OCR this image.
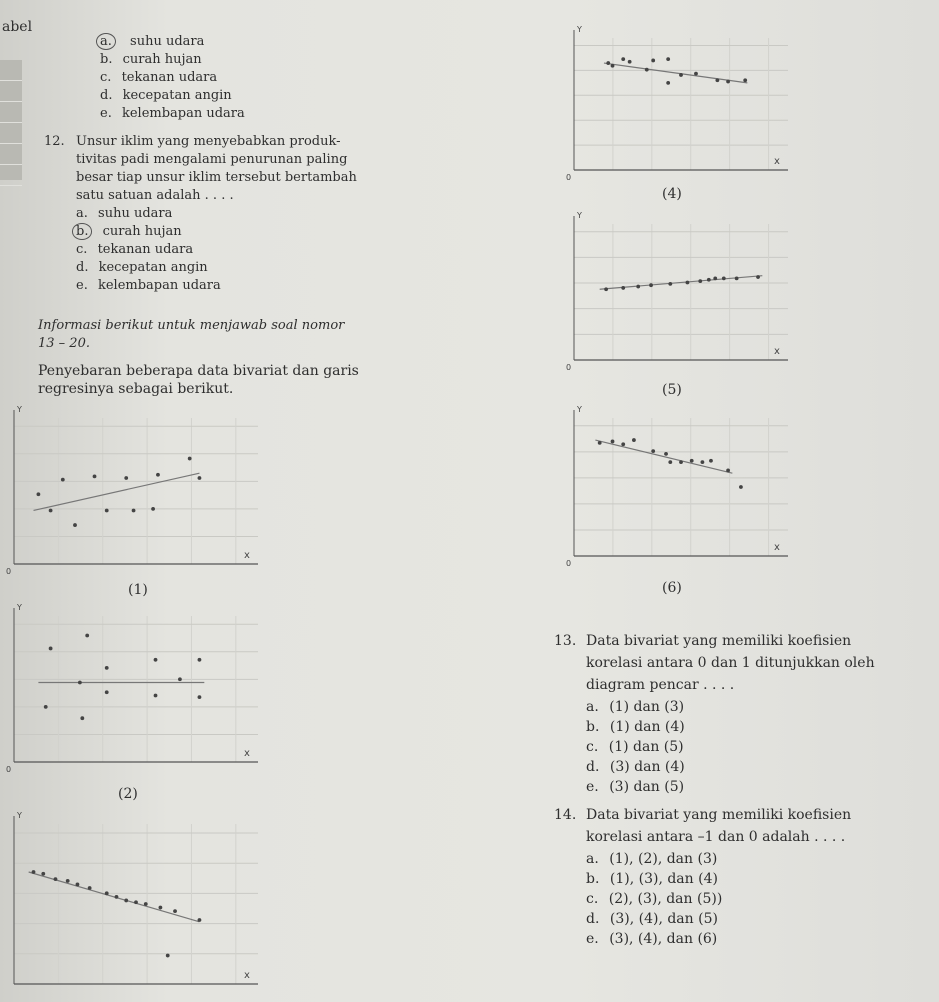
abel
a. suhu udara
b. curah hujan
c. tekanan udara
d. kecepatan angin
e. kelembapan udara
12. Unsur iklim yang menyebabkan produk-
tivitas padi mengalami penurunan paling
besar tiap unsur iklim tersebut bertambah
satu satuan adalah . . . .
a. suhu udara
b. curah hujan
c. tekanan udara
d. kecepatan angin
e. kelembapan udara
Informasi berikut untuk menjawab soal nomor
13 – 20.
Penyebaran beberapa data bivariat dan garis
regresinya sebagai berikut.
Y
x
0
(1)
Y
x
0
(2)
Y
x
Y
x
0
(4)
Y
x
0
(5)
Y
x
0
(6)
13. Data bivariat yang memiliki koefisien
korelasi antara 0 dan 1 ditunjukkan oleh
diagram pencar . . . .
a. (1) dan (3)
b. (1) dan (4)
c. (1) dan (5)
d. (3) dan (4)
e. (3) dan (5)
14. Data bivariat yang memiliki koefisien
korelasi antara –1 dan 0 adalah . . . .
a. (1), (2), dan (3)
b. (1), (3), dan (4)
c. (2), (3), dan (5))
d. (3), (4), dan (5)
e. (3), (4), dan (6)
